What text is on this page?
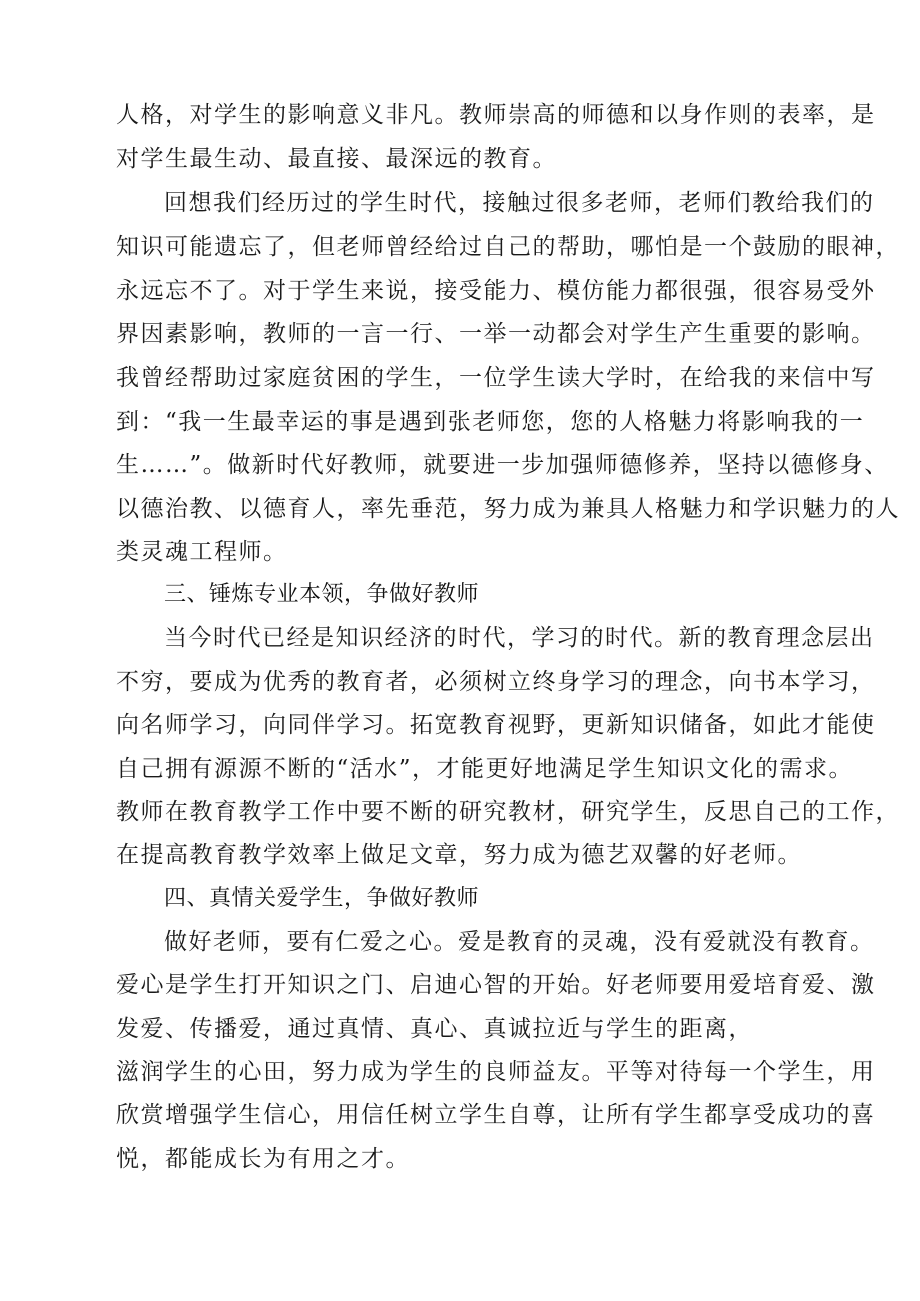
人格，对学生的影响意义非凡。教师崇高的师德和以身作则的表率，是
对学生最生动、最直接、最深远的教育。
回想我们经历过的学生时代，接触过很多老师，老师们教给我们的
知识可能遗忘了，但老师曾经给过自己的帮助，哪怕是一个鼓励的眼神，
永远忘不了。对于学生来说，接受能力、模仿能力都很强，很容易受外
界因素影响，教师的一言一行、一举一动都会对学生产生重要的影响。
我曾经帮助过家庭贫困的学生，一位学生读大学时，在给我的来信中写
到：“我一生最幸运的事是遇到张老师您，您的人格魅力将影响我的一
生……”。做新时代好教师，就要进一步加强师德修养，坚持以德修身、
以德治教、以德育人，率先垂范，努力成为兼具人格魅力和学识魅力的人
类灵魂工程师。
三、锤炼专业本领，争做好教师
当今时代已经是知识经济的时代，学习的时代。新的教育理念层出
不穷，要成为优秀的教育者，必须树立终身学习的理念，向书本学习，
向名师学习，向同伴学习。拓宽教育视野，更新知识储备，如此才能使
自己拥有源源不断的“活水”，才能更好地满足学生知识文化的需求。
教师在教育教学工作中要不断的研究教材，研究学生，反思自己的工作，
在提高教育教学效率上做足文章，努力成为德艺双馨的好老师。
四、真情关爱学生，争做好教师
做好老师，要有仁爱之心。爱是教育的灵魂，没有爱就没有教育。
爱心是学生打开知识之门、启迪心智的开始。好老师要用爱培育爱、激
发爱、传播爱，通过真情、真心、真诚拉近与学生的距离，
滋润学生的心田，努力成为学生的良师益友。平等对待每一个学生，用
欣赏增强学生信心，用信任树立学生自尊，让所有学生都享受成功的喜
悦，都能成长为有用之才。
